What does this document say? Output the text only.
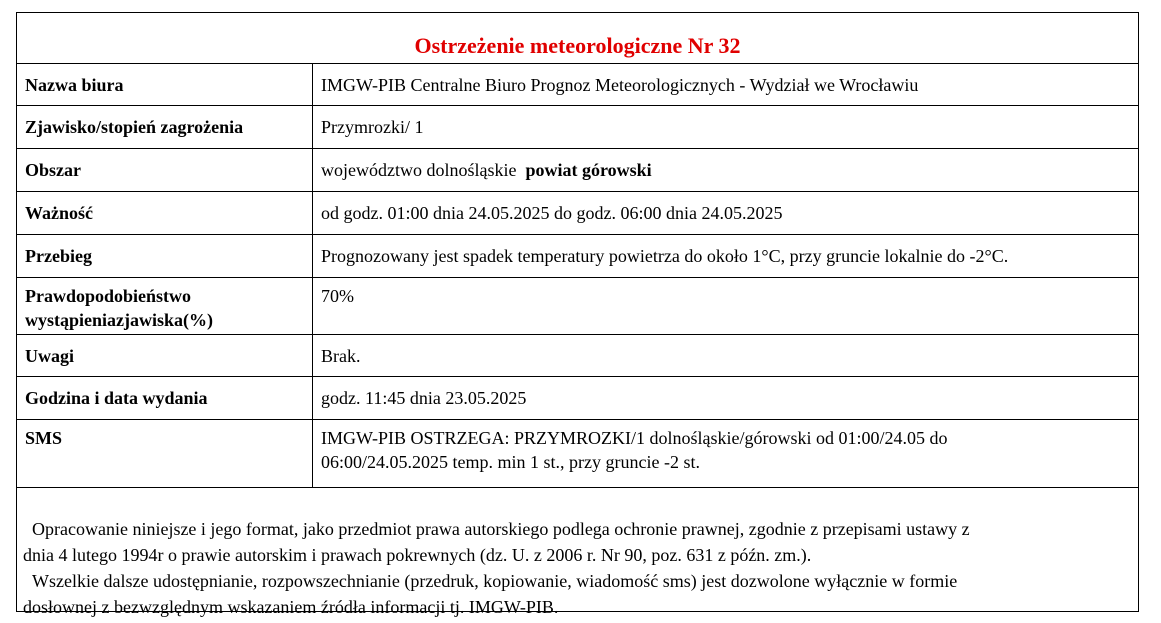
Ostrzeżenie meteorologiczne Nr 32
Nazwa biura	IMGW-PIB Centralne Biuro Prognoz Meteorologicznych - Wydział we Wrocławiu
Zjawisko/stopień zagrożenia	Przymrozki/ 1
Obszar	województwo dolnośląskie powiat górowski
Ważność	od godz. 01:00 dnia 24.05.2025 do godz. 06:00 dnia 24.05.2025
Przebieg	Prognozowany jest spadek temperatury powietrza do około 1°C, przy gruncie lokalnie do -2°C.
Prawdopodobieństwo
wystąpieniazjawiska(%)	70%
Uwagi	Brak.
Godzina i data wydania	godz. 11:45 dnia 23.05.2025
SMS	IMGW-PIB OSTRZEGA: PRZYMROZKI/1 dolnośląskie/górowski od 01:00/24.05 do
06:00/24.05.2025 temp. min 1 st., przy gruncie -2 st.

Opracowanie niniejsze i jego format, jako przedmiot prawa autorskiego podlega ochronie prawnej, zgodnie z przepisami ustawy z
dnia 4 lutego 1994r o prawie autorskim i prawach pokrewnych (dz. U. z 2006 r. Nr 90, poz. 631 z późn. zm.).

Wszelkie dalsze udostępnianie, rozpowszechnianie (przedruk, kopiowanie, wiadomość sms) jest dozwolone wyłącznie w formie
dosłownej z bezwzględnym wskazaniem źródła informacji tj. IMGW-PIB.
